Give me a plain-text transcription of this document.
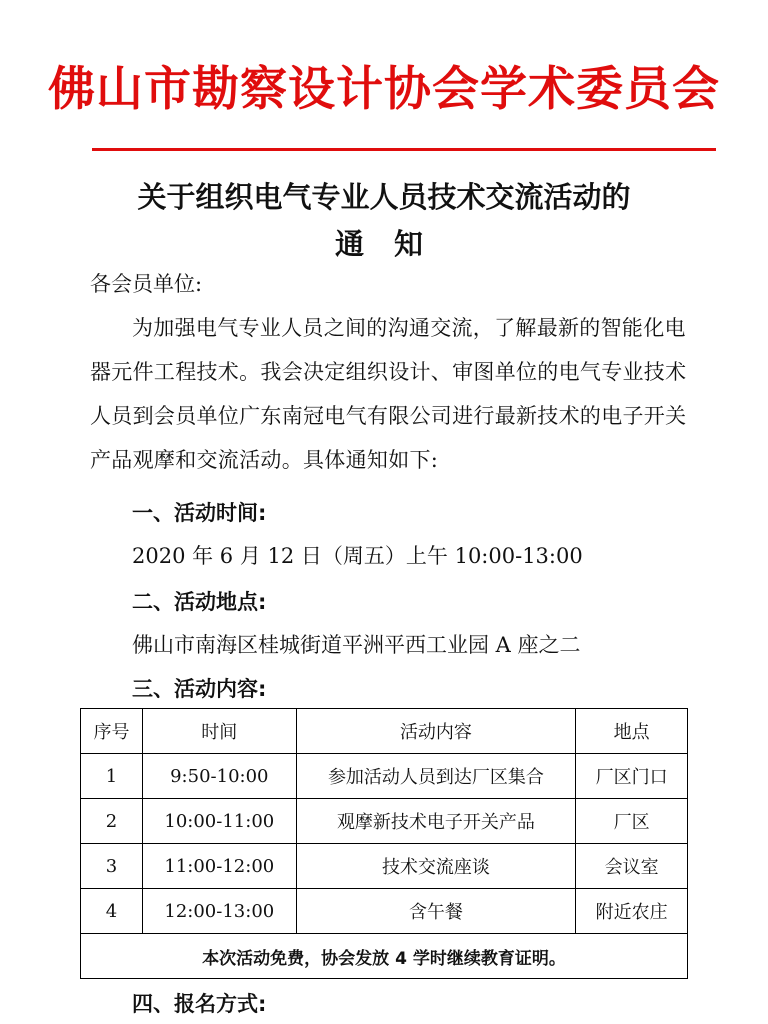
佛山市勘察设计协会学术委员会
关于组织电气专业人员技术交流活动的
通 知
各会员单位:
为加强电气专业人员之间的沟通交流，了解最新的智能化电器元件工程技术。我会决定组织设计、审图单位的电气专业技术人员到会员单位广东南冠电气有限公司进行最新技术的电子开关产品观摩和交流活动。具体通知如下:
一、活动时间:
2020 年 6 月 12 日（周五）上午 10:00-13:00
二、活动地点:
佛山市南海区桂城街道平洲平西工业园 A 座之二
三、活动内容:
序号	时间	活动内容	地点
1	9:50-10:00	参加活动人员到达厂区集合	厂区门口
2	10:00-11:00	观摩新技术电子开关产品	厂区
3	11:00-12:00	技术交流座谈	会议室
4	12:00-13:00	含午餐	附近农庄
本次活动免费，协会发放 4 学时继续教育证明。			
四、报名方式:
